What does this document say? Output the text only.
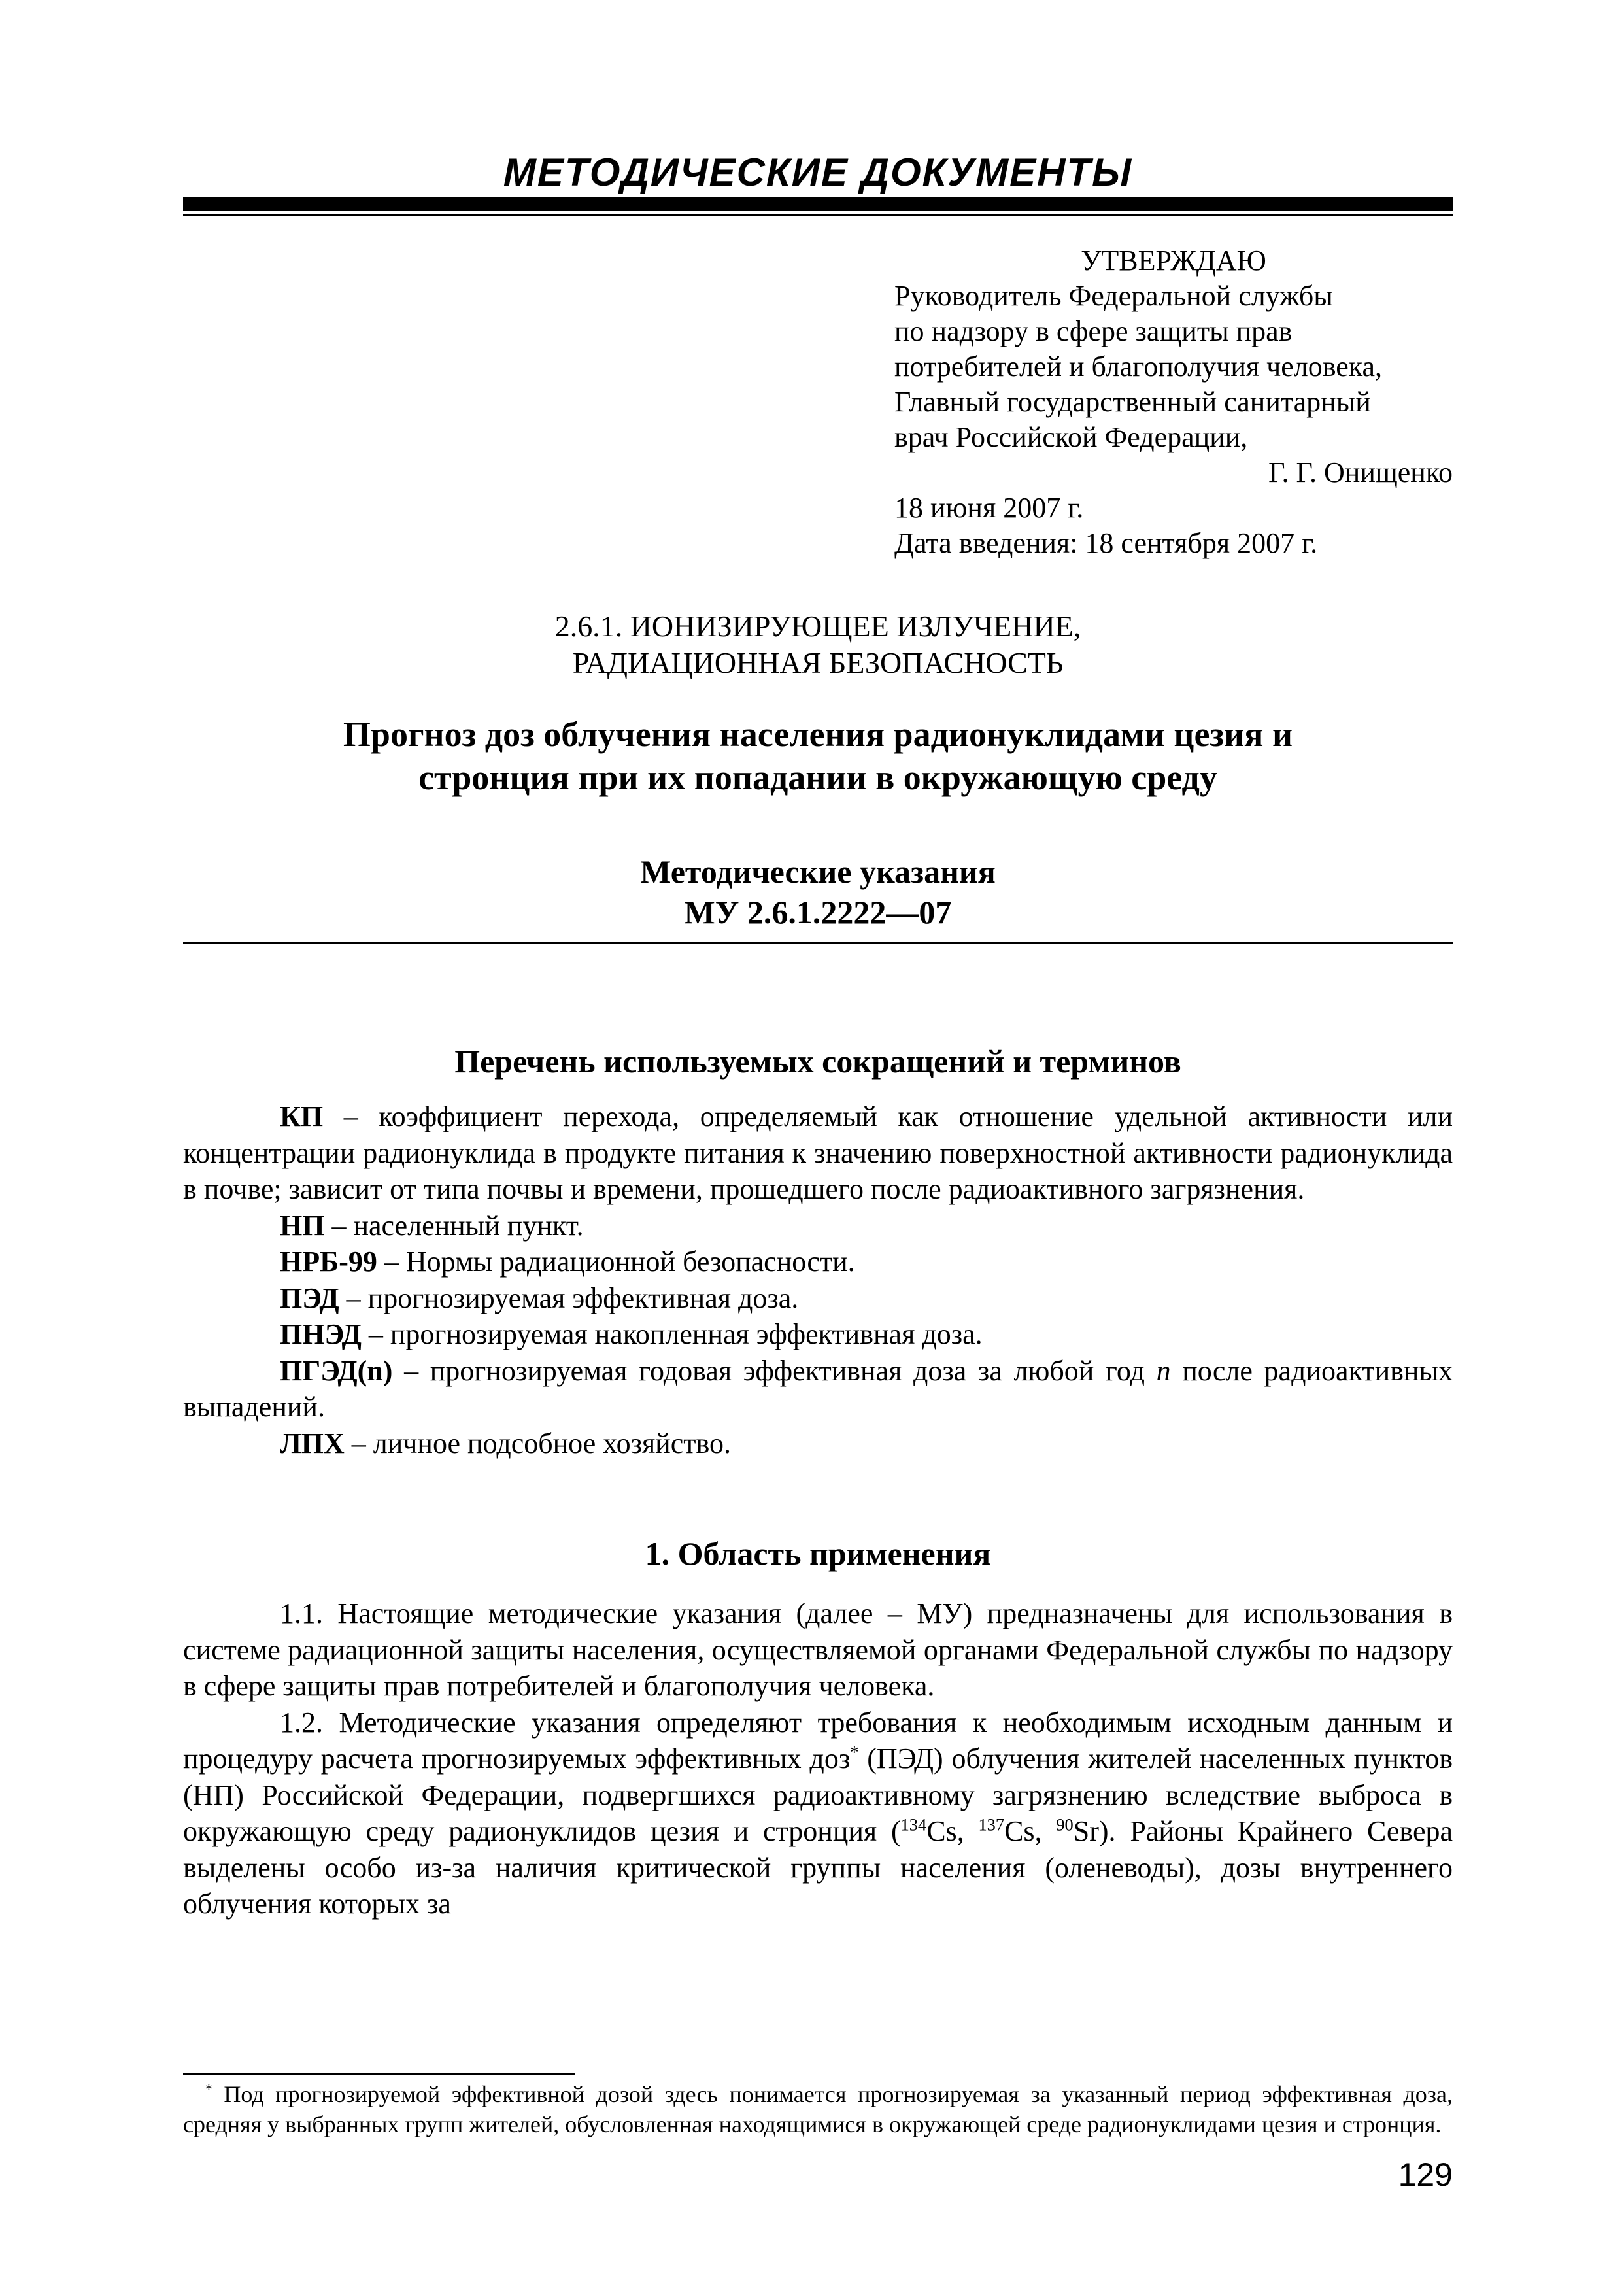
МЕТОДИЧЕСКИЕ ДОКУМЕНТЫ
УТВЕРЖДАЮ
Руководитель Федеральной службы
по надзору в сфере защиты прав
потребителей и благополучия человека,
Главный государственный санитарный
врач Российской Федерации,
Г. Г. Онищенко
18 июня 2007 г.
Дата введения: 18 сентября 2007 г.
2.6.1. ИОНИЗИРУЮЩЕЕ ИЗЛУЧЕНИЕ,
РАДИАЦИОННАЯ БЕЗОПАСНОСТЬ
Прогноз доз облучения населения радионуклидами цезия и
стронция при их попадании в окружающую среду
Методические указания
МУ 2.6.1.2222—07
Перечень используемых сокращений и терминов

КП – коэффициент перехода, определяемый как отношение удельной активности или концентрации радионуклида в продукте питания к значению поверхностной активности радионуклида в почве; зависит от типа почвы и времени, прошедшего после радиоактивного загрязнения.

НП – населенный пункт.

НРБ-99 – Нормы радиационной безопасности.

ПЭД – прогнозируемая эффективная доза.

ПНЭД – прогнозируемая накопленная эффективная доза.

ПГЭД(n) – прогнозируемая годовая эффективная доза за любой год n после радиоактивных выпадений.

ЛПХ – личное подсобное хозяйство.

1. Область применения

1.1. Настоящие методические указания (далее – МУ) предназначены для использования в системе радиационной защиты населения, осуществляемой органами Федеральной службы по надзору в сфере защиты прав потребителей и благополучия человека.

1.2. Методические указания определяют требования к необходимым исходным данным и процедуру расчета прогнозируемых эффективных доз* (ПЭД) облучения жителей населенных пунктов (НП) Российской Федерации, подвергшихся радиоактивному загрязнению вследствие выброса в окружающую среду радионуклидов цезия и стронция ($^{134}$Cs, $^{137}$Cs, $^{90}$Sr). Районы Крайнего Севера выделены особо из-за наличия критической группы населения (оленеводы), дозы внутреннего облучения которых за

* Под прогнозируемой эффективной дозой здесь понимается прогнозируемая за указанный период эффективная доза, средняя у выбранных групп жителей, обусловленная находящимися в окружающей среде радионуклидами цезия и стронция.
129
